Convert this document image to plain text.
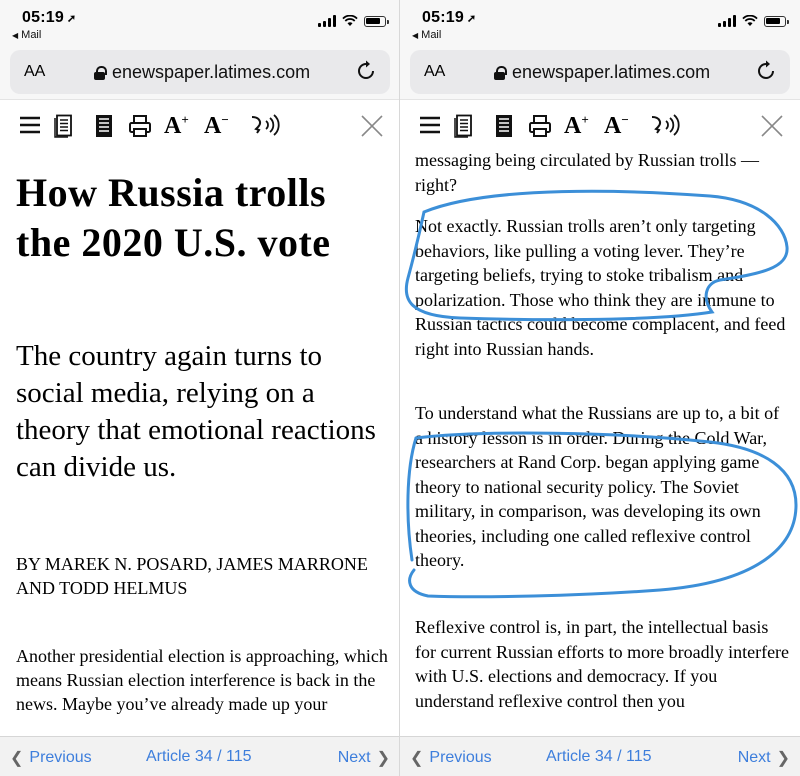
05:19 ➚
◀ Mail
AA	enewspaper.latimes.com
A+ A−
How Russia trolls the 2020 U.S. vote
The country again turns to social media, relying on a theory that emotional reactions can divide us.
BY MAREK N. POSARD, JAMES MARRONE
AND TODD HELMUS
Another presidential election is approaching, which means Russian election interference is back in the news. Maybe you’ve already made up your
❮ Previous	Article 34 / 115	Next ❯
05:19 ➚
◀ Mail
AA	enewspaper.latimes.com
A+ A−

messaging being circulated by Russian trolls — right?

Not exactly. Russian trolls aren’t only targeting behaviors, like pulling a voting lever. They’re targeting beliefs, trying to stoke tribalism and polarization. Those who think they are immune to Russian tactics could become complacent, and feed right into Russian hands.

To understand what the Russians are up to, a bit of a history lesson is in order. During the Cold War, researchers at Rand Corp. began applying game theory to national security policy. The Soviet military, in comparison, was developing its own theories, including one called reflexive control theory.

Reflexive control is, in part, the intellectual basis for current Russian efforts to more broadly interfere with U.S. elections and democracy. If you understand reflexive control then you

❮ Previous	Article 34 / 115	Next ❯
